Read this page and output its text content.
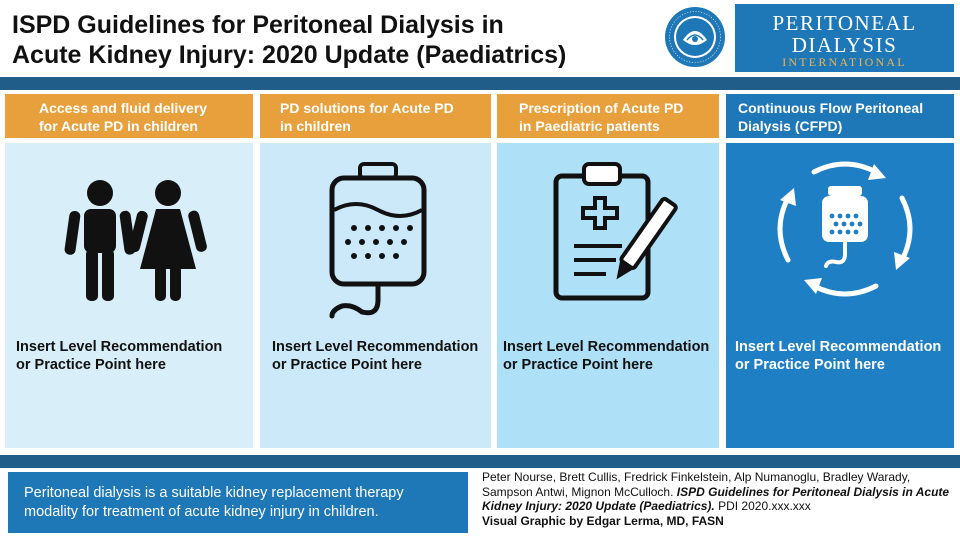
ISPD Guidelines for Peritoneal Dialysis in
Acute Kidney Injury: 2020 Update (Paediatrics)
PERITONEAL
DIALYSIS
INTERNATIONAL
Access and fluid delivery
for Acute PD in children
Insert Level Recommendation
or Practice Point here
PD solutions for Acute PD
in children
Insert Level Recommendation
or Practice Point here
Prescription of Acute PD
in Paediatric patients
Insert Level Recommendation
or Practice Point here
Continuous Flow Peritoneal
Dialysis (CFPD)
Insert Level Recommendation
or Practice Point here
Peritoneal dialysis is a suitable kidney replacement therapy
modality for treatment of acute kidney injury in children.
Peter Nourse, Brett Cullis, Fredrick Finkelstein, Alp Numanoglu, Bradley Warady,
Sampson Antwi, Mignon McCulloch. ISPD Guidelines for Peritoneal Dialysis in Acute Kidney Injury: 2020 Update (Paediatrics). PDI 2020.xxx.xxx
Visual Graphic by Edgar Lerma, MD, FASN
